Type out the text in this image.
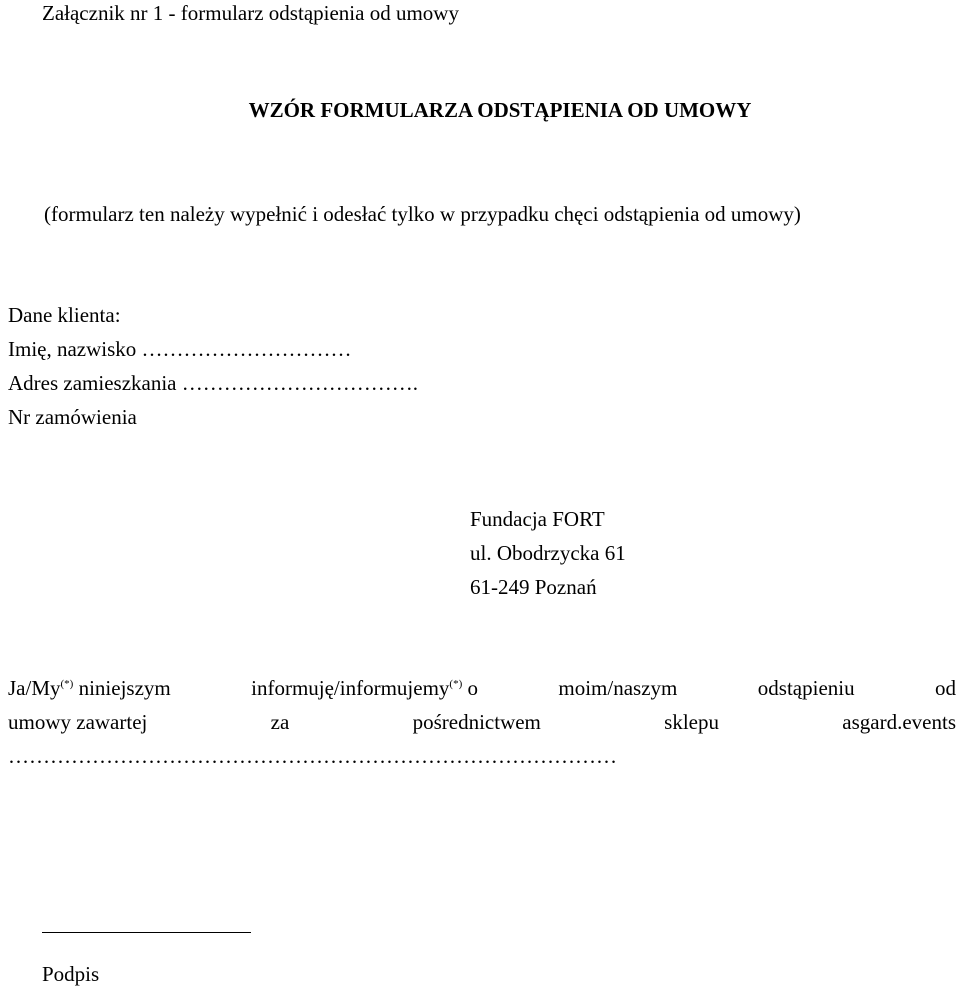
Załącznik nr 1 - formularz odstąpienia od umowy
WZÓR FORMULARZA ODSTĄPIENIA OD UMOWY
(formularz ten należy wypełnić i odesłać tylko w przypadku chęci odstąpienia od umowy)
Dane klienta:
Imię, nazwisko …………………………
Adres zamieszkania …………………………….
Nr zamówienia
Fundacja FORT
ul. Obodrzycka 61
61-249 Poznań
Ja/My(*) niniejszym	informuję/informujemy(*) o	moim/naszym	odstąpieniu	od
umowy zawartej	za	pośrednictwem	sklepu	asgard.events
……………………………………………………………………………
Podpis
